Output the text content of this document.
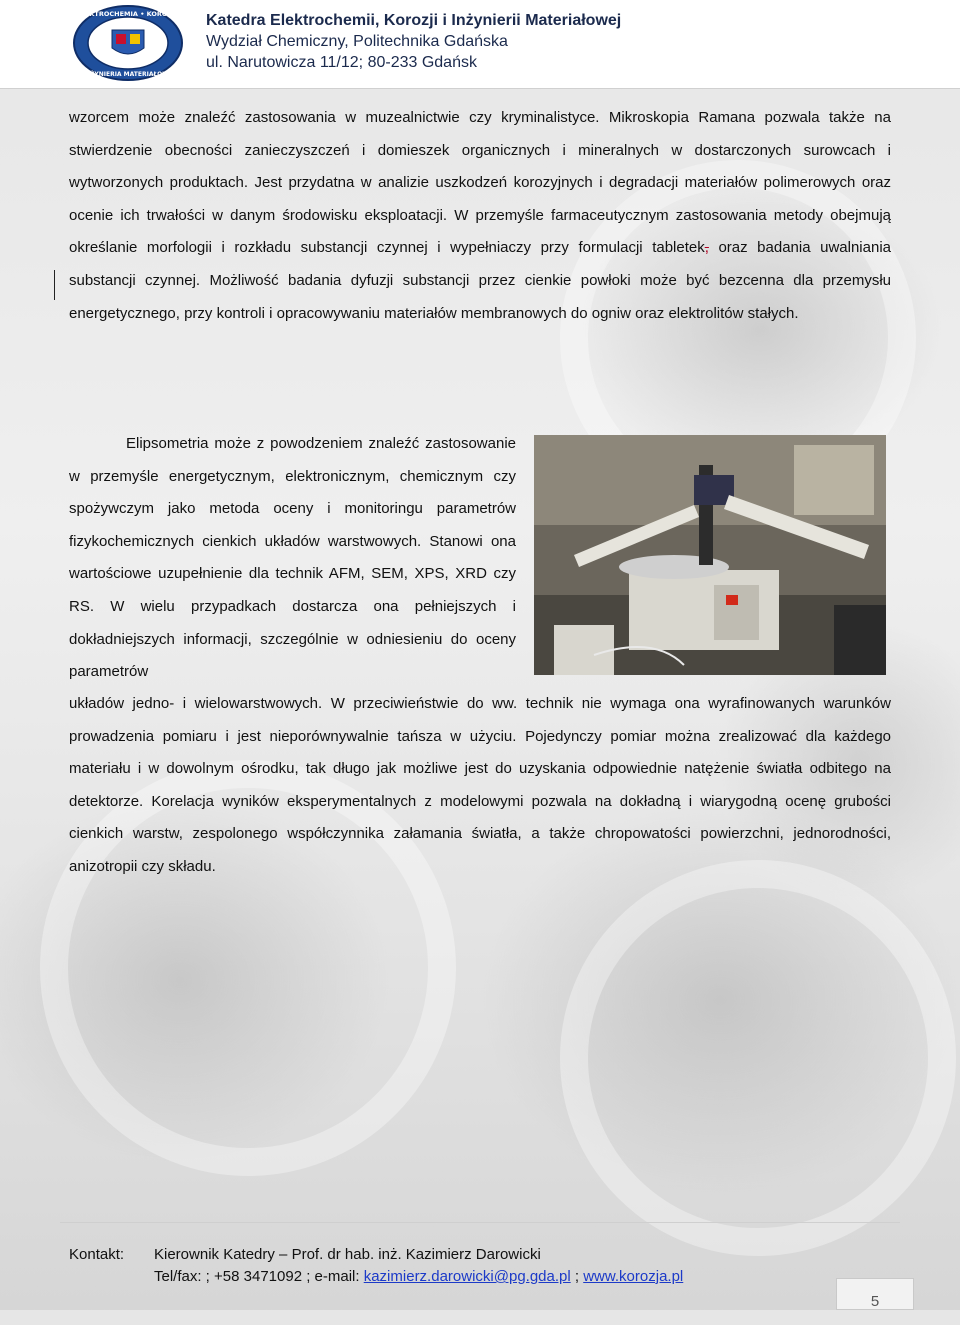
ELEKTROCHEMIA • KOROZJA
INŻYNIERIA MATERIAŁOWA
Katedra Elektrochemii, Korozji i Inżynierii Materiałowej
Wydział Chemiczny, Politechnika Gdańska
ul. Narutowicza 11/12; 80-233 Gdańsk
wzorcem może znaleźć zastosowania w muzealnictwie czy kryminalistyce. Mikroskopia Ramana pozwala także na stwierdzenie obecności zanieczyszczeń i domieszek organicznych i mineralnych w dostarczonych surowcach i wytworzonych produktach. Jest przydatna w analizie uszkodzeń korozyjnych i degradacji materiałów polimerowych oraz ocenie ich trwałości w danym środowisku eksploatacji. W przemyśle farmaceutycznym zastosowania metody obejmują określanie morfologii i rozkładu substancji czynnej i wypełniaczy przy formulacji tabletek, oraz badania uwalniania substancji czynnej. Możliwość badania dyfuzji substancji przez cienkie powłoki może być bezcenna dla przemysłu energetycznego, przy kontroli i opracowywaniu materiałów membranowych do ogniw oraz elektrolitów stałych.
Elipsometria może z powodzeniem znaleźć zastosowanie w przemyśle energetycznym, elektronicznym, chemicznym czy spożywczym jako metoda oceny i monitoringu parametrów fizykochemicznych cienkich układów warstwowych. Stanowi ona wartościowe uzupełnienie dla technik AFM, SEM, XPS, XRD czy RS. W wielu przypadkach dostarcza ona pełniejszych i dokładniejszych informacji, szczególnie w odniesieniu do oceny parametrów
układów jedno- i wielowarstwowych. W przeciwieństwie do ww. technik nie wymaga ona wyrafinowanych warunków prowadzenia pomiaru i jest nieporównywalnie tańsza w użyciu. Pojedynczy pomiar można zrealizować dla każdego materiału i w dowolnym ośrodku, tak długo jak możliwe jest do uzyskania odpowiednie natężenie światła odbitego na detektorze. Korelacja wyników eksperymentalnych z modelowymi pozwala na dokładną i wiarygodną ocenę grubości cienkich warstw, zespolonego współczynnika załamania światła, a także chropowatości powierzchni, jednorodności, anizotropii czy składu.
Kontakt: Kierownik Katedry – Prof. dr hab. inż. Kazimierz Darowicki
Tel/fax: ; +58 3471092 ; e-mail: kazimierz.darowicki@pg.gda.pl ; www.korozja.pl
5
